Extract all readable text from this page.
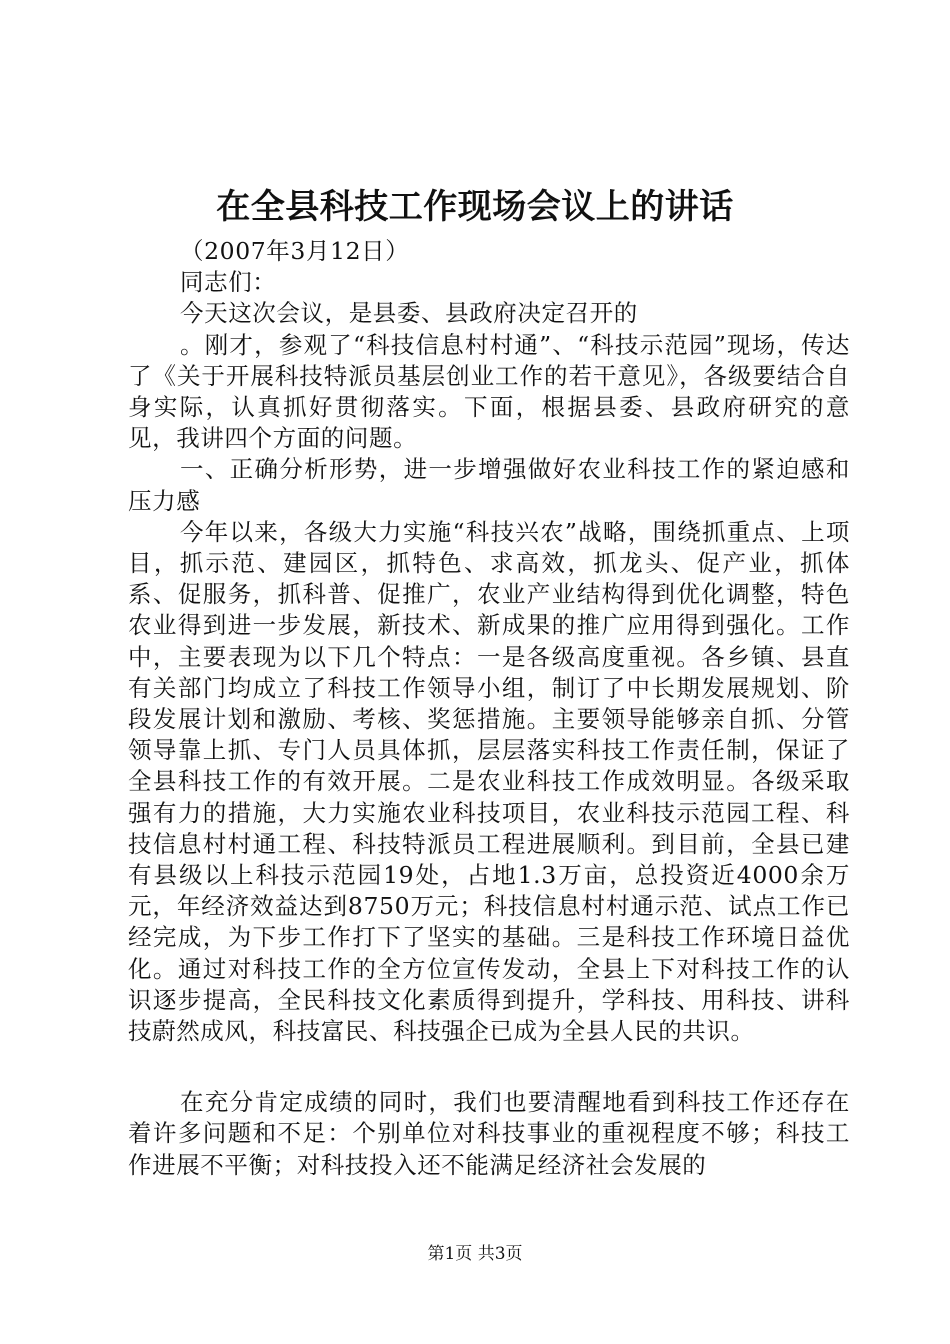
在全县科技工作现场会议上的讲话

（2007年3月12日）

同志们：

今天这次会议，是县委、县政府决定召开的

。刚才，参观了“科技信息村村通”、“科技示范园”现场，传达了《关于开展科技特派员基层创业工作的若干意见》，各级要结合自身实际，认真抓好贯彻落实。下面，根据县委、县政府研究的意见，我讲四个方面的问题。

一、正确分析形势，进一步增强做好农业科技工作的紧迫感和压力感

今年以来，各级大力实施“科技兴农”战略，围绕抓重点、上项目，抓示范、建园区，抓特色、求高效，抓龙头、促产业，抓体系、促服务，抓科普、促推广，农业产业结构得到优化调整，特色农业得到进一步发展，新技术、新成果的推广应用得到强化。工作中，主要表现为以下几个特点：一是各级高度重视。各乡镇、县直有关部门均成立了科技工作领导小组，制订了中长期发展规划、阶段发展计划和激励、考核、奖惩措施。主要领导能够亲自抓、分管领导靠上抓、专门人员具体抓，层层落实科技工作责任制，保证了全县科技工作的有效开展。二是农业科技工作成效明显。各级采取强有力的措施，大力实施农业科技项目，农业科技示范园工程、科技信息村村通工程、科技特派员工程进展顺利。到目前，全县已建有县级以上科技示范园19处，占地1.3万亩，总投资近4000余万元，年经济效益达到8750万元；科技信息村村通示范、试点工作已经完成，为下步工作打下了坚实的基础。三是科技工作环境日益优化。通过对科技工作的全方位宣传发动，全县上下对科技工作的认识逐步提高，全民科技文化素质得到提升，学科技、用科技、讲科技蔚然成风，科技富民、科技强企已成为全县人民的共识。

在充分肯定成绩的同时，我们也要清醒地看到科技工作还存在着许多问题和不足：个别单位对科技事业的重视程度不够；科技工作进展不平衡；对科技投入还不能满足经济社会发展的

第1页 共3页
